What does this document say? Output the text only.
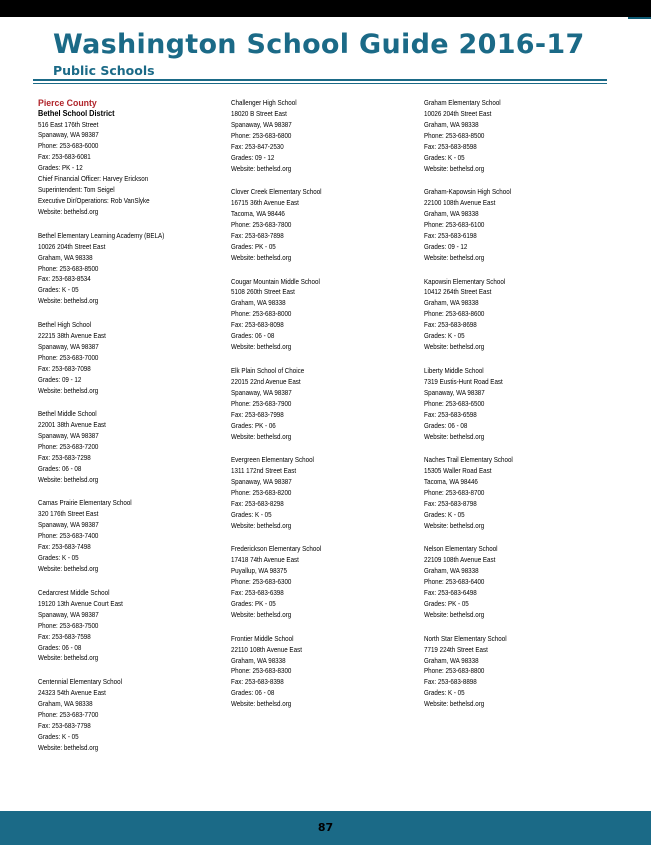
Washington School Guide 2016-17
Public Schools
Pierce County
Bethel School District
516 East 176th Street
Spanaway, WA 98387
Phone: 253-683-6000
Fax: 253-683-6081
Grades: PK - 12
Chief Financial Officer: Harvey Erickson
Superintendent: Tom Seigel
Executive Dir/Operations: Rob VanSlyke
Website: bethelsd.org
Bethel Elementary Learning Academy (BELA)
10026 204th Street East
Graham, WA 98338
Phone: 253-683-8500
Fax: 253-683-8534
Grades: K - 05
Website: bethelsd.org
Bethel High School
22215 38th Avenue East
Spanaway, WA 98387
Phone: 253-683-7000
Fax: 253-683-7098
Grades: 09 - 12
Website: bethelsd.org
Bethel Middle School
22001 38th Avenue East
Spanaway, WA 98387
Phone: 253-683-7200
Fax: 253-683-7298
Grades: 06 - 08
Website: bethelsd.org
Camas Prairie Elementary School
320 176th Street East
Spanaway, WA 98387
Phone: 253-683-7400
Fax: 253-683-7498
Grades: K - 05
Website: bethelsd.org
Cedarcrest Middle School
19120 13th Avenue Court East
Spanaway, WA 98387
Phone: 253-683-7500
Fax: 253-683-7598
Grades: 06 - 08
Website: bethelsd.org
Centennial Elementary School
24323 54th Avenue East
Graham, WA 98338
Phone: 253-683-7700
Fax: 253-683-7798
Grades: K - 05
Website: bethelsd.org
Challenger High School
18020 B Street East
Spanaway, WA 98387
Phone: 253-683-6800
Fax: 253-847-2530
Grades: 09 - 12
Website: bethelsd.org
Clover Creek Elementary School
16715 36th Avenue East
Tacoma, WA 98446
Phone: 253-683-7800
Fax: 253-683-7898
Grades: PK - 05
Website: bethelsd.org
Cougar Mountain Middle School
5108 260th Street East
Graham, WA 98338
Phone: 253-683-8000
Fax: 253-683-8098
Grades: 06 - 08
Website: bethelsd.org
Elk Plain School of Choice
22015 22nd Avenue East
Spanaway, WA 98387
Phone: 253-683-7900
Fax: 253-683-7998
Grades: PK - 06
Website: bethelsd.org
Evergreen Elementary School
1311 172nd Street East
Spanaway, WA 98387
Phone: 253-683-8200
Fax: 253-683-8298
Grades: K - 05
Website: bethelsd.org
Frederickson Elementary School
17418 74th Avenue East
Puyallup, WA 98375
Phone: 253-683-6300
Fax: 253-683-6398
Grades: PK - 05
Website: bethelsd.org
Frontier Middle School
22110 108th Avenue East
Graham, WA 98338
Phone: 253-683-8300
Fax: 253-683-8398
Grades: 06 - 08
Website: bethelsd.org
Graham Elementary School
10026 204th Street East
Graham, WA 98338
Phone: 253-683-8500
Fax: 253-683-8598
Grades: K - 05
Website: bethelsd.org
Graham-Kapowsin High School
22100 108th Avenue East
Graham, WA 98338
Phone: 253-683-6100
Fax: 253-683-6198
Grades: 09 - 12
Website: bethelsd.org
Kapowsin Elementary School
10412 264th Street East
Graham, WA 98338
Phone: 253-683-8600
Fax: 253-683-8698
Grades: K - 05
Website: bethelsd.org
Liberty Middle School
7319 Eustis-Hunt Road East
Spanaway, WA 98387
Phone: 253-683-6500
Fax: 253-683-6598
Grades: 06 - 08
Website: bethelsd.org
Naches Trail Elementary School
15305 Waller Road East
Tacoma, WA 98446
Phone: 253-683-8700
Fax: 253-683-8798
Grades: K - 05
Website: bethelsd.org
Nelson Elementary School
22109 108th Avenue East
Graham, WA 98338
Phone: 253-683-6400
Fax: 253-683-6498
Grades: PK - 05
Website: bethelsd.org
North Star Elementary School
7719 224th Street East
Graham, WA 98338
Phone: 253-683-8800
Fax: 253-683-8898
Grades: K - 05
Website: bethelsd.org
87
